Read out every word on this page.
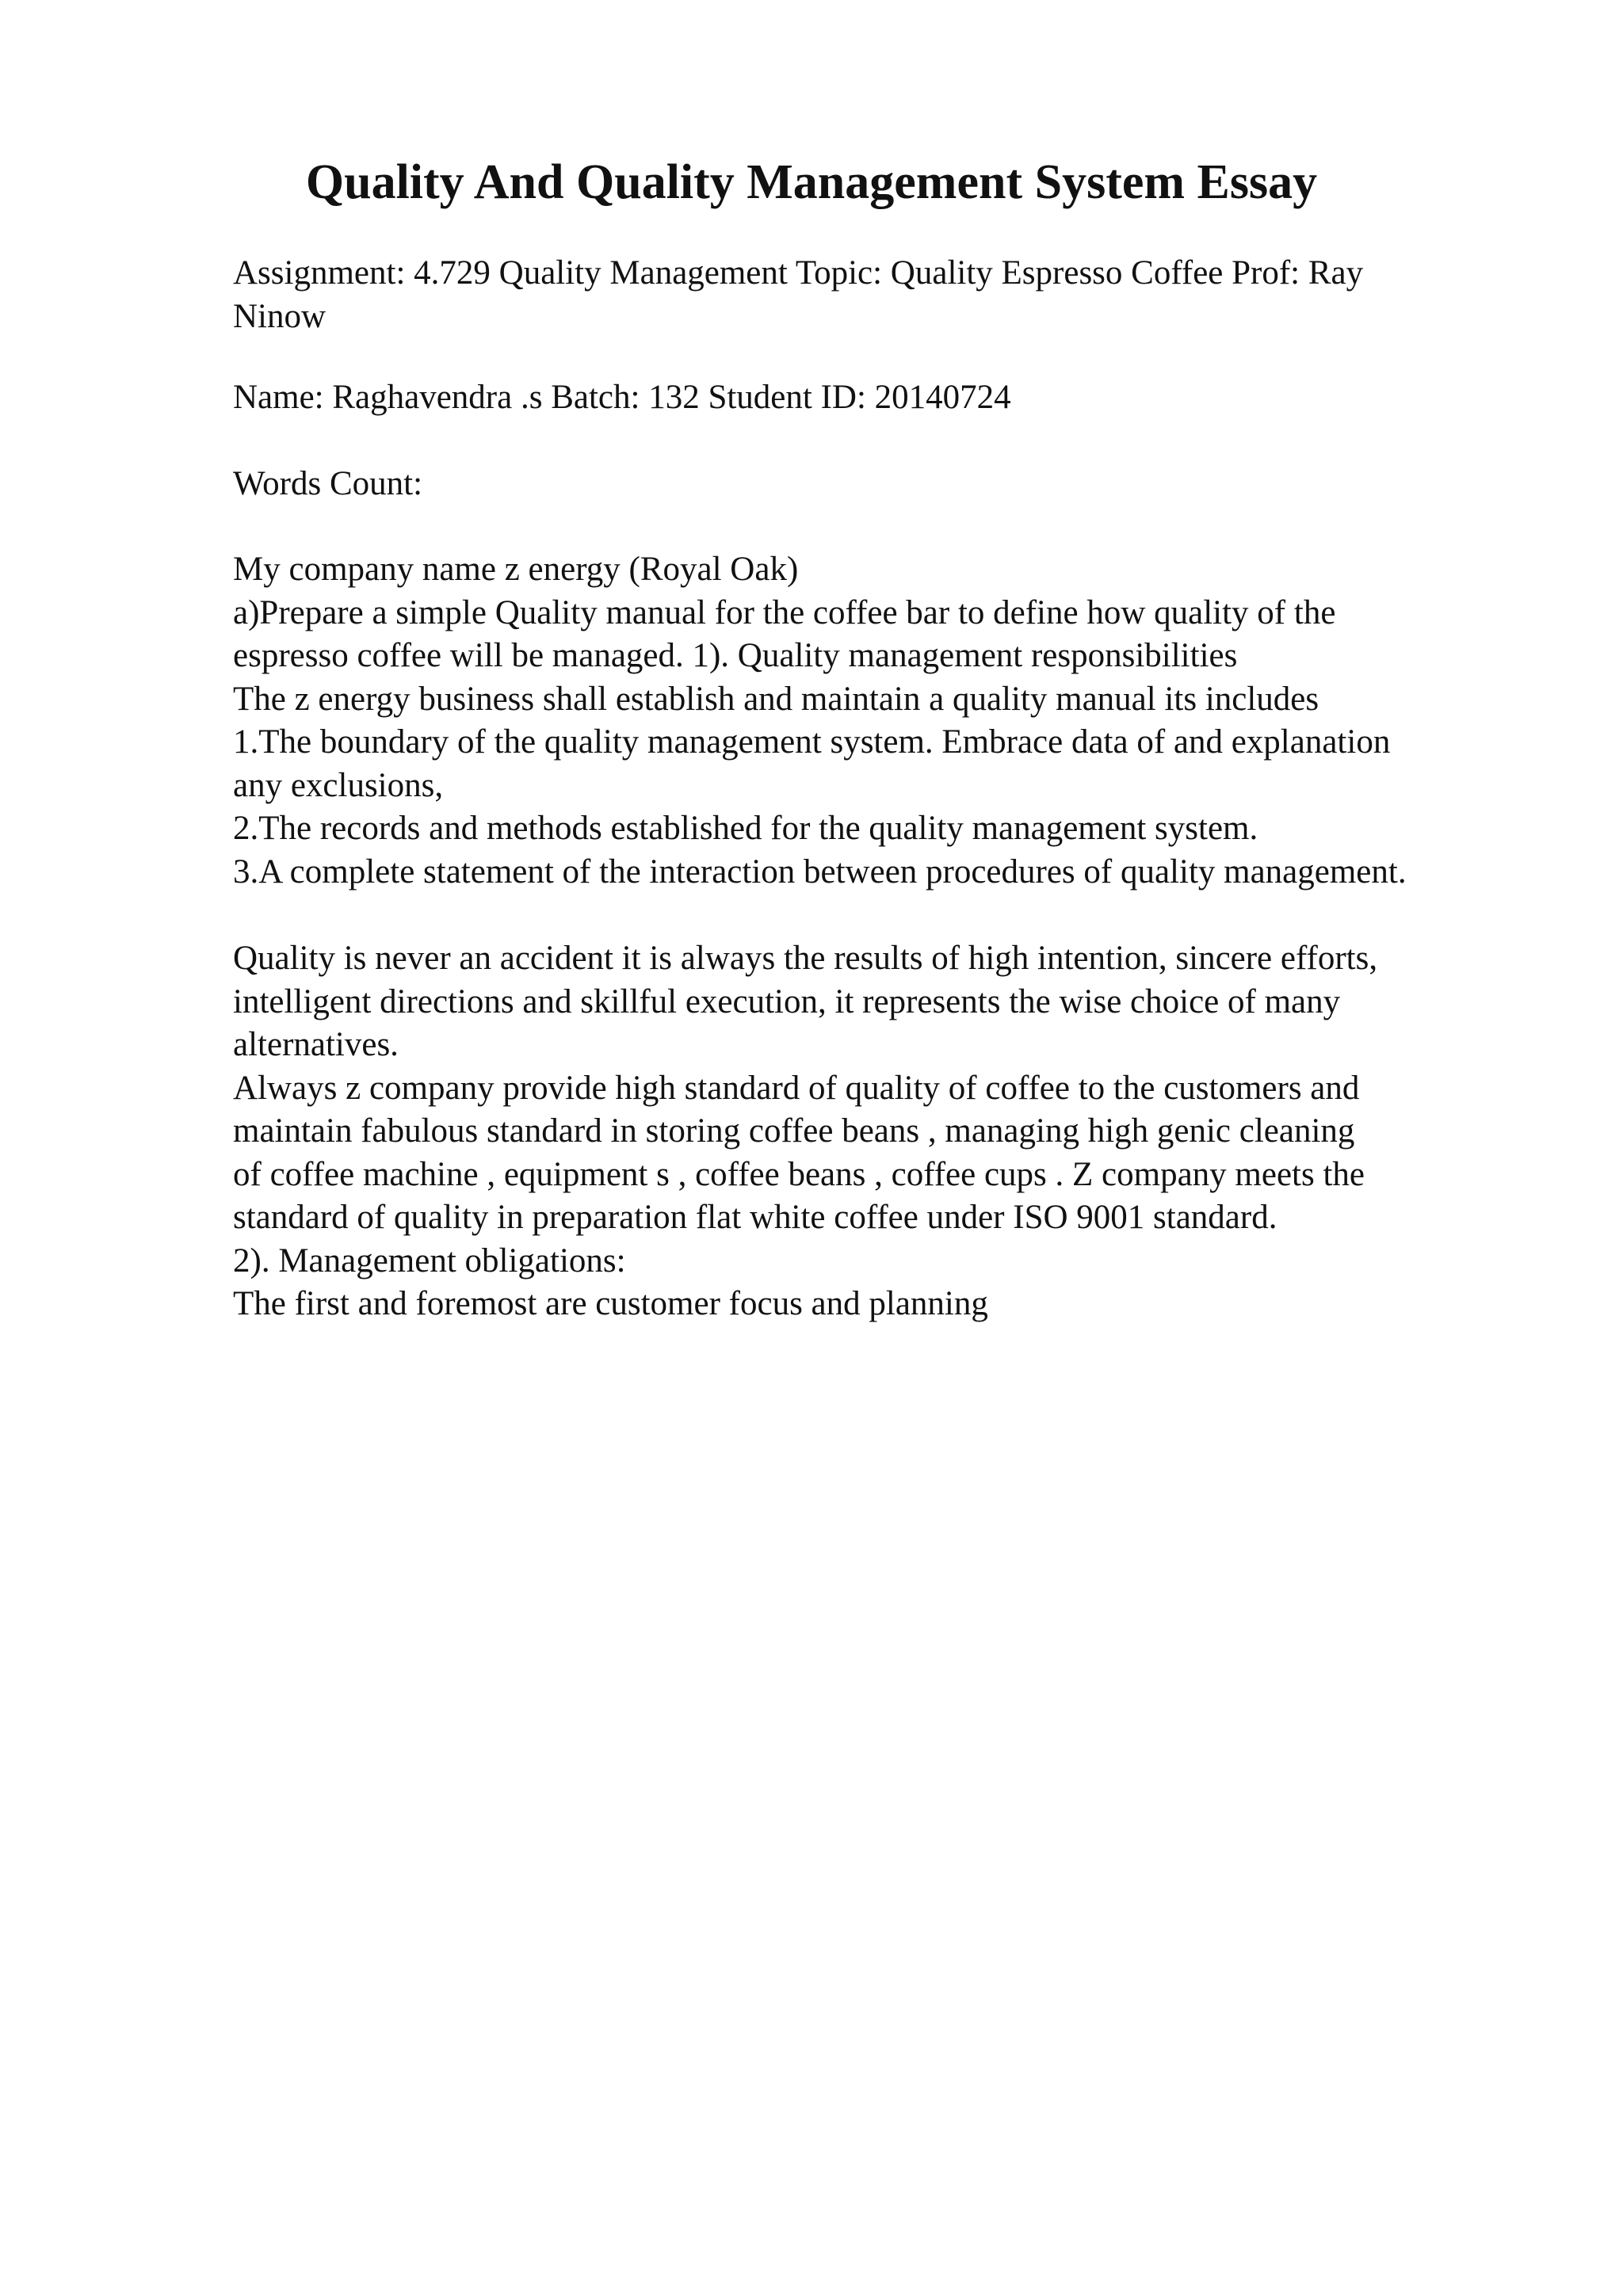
Quality And Quality Management System Essay
Assignment: 4.729 Quality Management Topic: Quality Espresso Coffee Prof: Ray
Ninow
Name: Raghavendra .s Batch: 132 Student ID: 20140724
Words Count:
My company name z energy (Royal Oak)
a)Prepare a simple Quality manual for the coffee bar to define how quality of the
espresso coffee will be managed. 1). Quality management responsibilities
The z energy business shall establish and maintain a quality manual its includes
1.The boundary of the quality management system. Embrace data of and explanation
any exclusions,
2.The records and methods established for the quality management system.
3.A complete statement of the interaction between procedures of quality management.
Quality is never an accident it is always the results of high intention, sincere efforts,
intelligent directions and skillful execution, it represents the wise choice of many
alternatives.
Always z company provide high standard of quality of coffee to the customers and
maintain fabulous standard in storing coffee beans , managing high genic cleaning
of coffee machine , equipment s , coffee beans , coffee cups . Z company meets the
standard of quality in preparation flat white coffee under ISO 9001 standard.
2). Management obligations:
The first and foremost are customer focus and planning
